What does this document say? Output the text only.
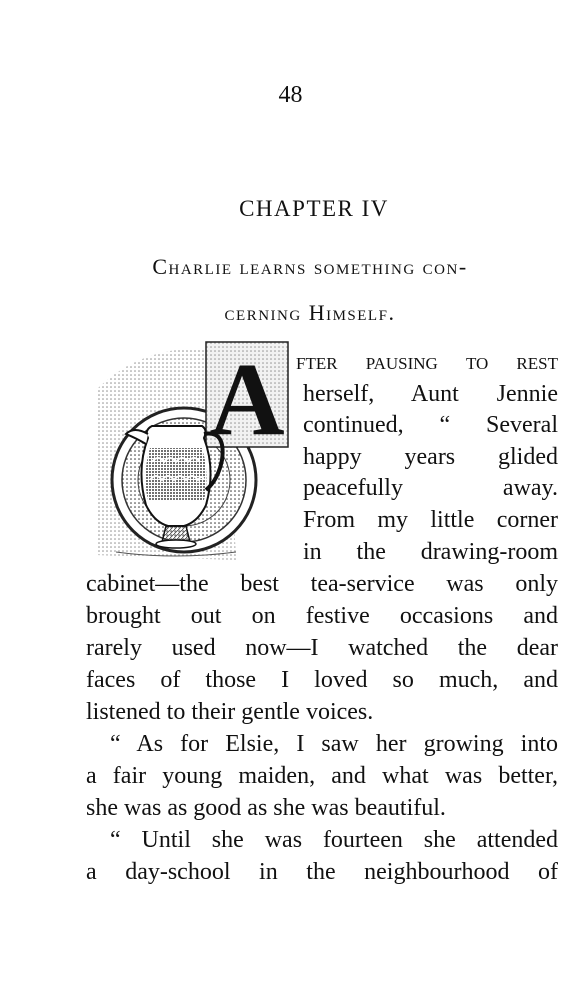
48
CHAPTER IV
Charlie learns something con-
cerning Himself.
A fter pausing to rest
herself, Aunt Jennie
continued, “ Several
happy years glided
peacefully away.
From my little corner
in the drawing-room
cabinet—the best tea-service was only
brought out on festive occasions and
rarely used now—I watched the dear
faces of those I loved so much, and
listened to their gentle voices.
“ As for Elsie, I saw her growing into
a fair young maiden, and what was better,
she was as good as she was beautiful.
“ Until she was fourteen she attended
a day-school in the neighbourhood of
